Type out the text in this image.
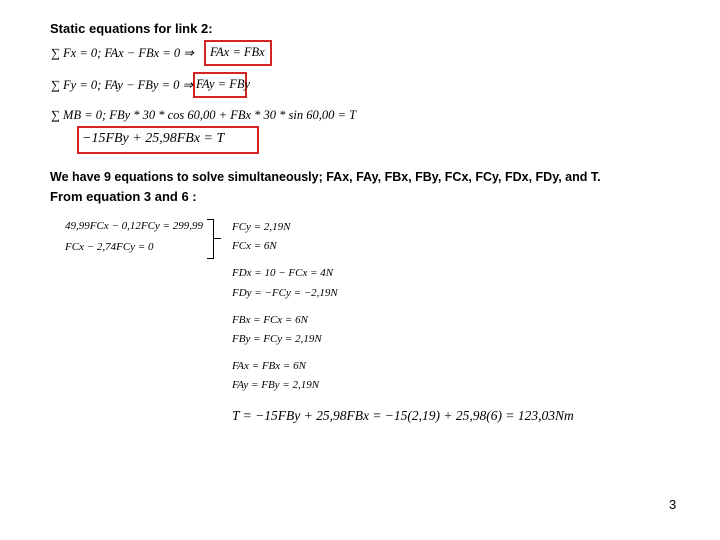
Static equations for link 2:
∑ Fx = 0; FAx − FBx = 0 ⇒ FAx = FBx
∑ Fy = 0; FAy − FBy = 0 ⇒ FAy = FBy
∑ MB = 0; FBy * 30 * cos 60,00 + FBx * 30 * sin 60,00 = T
−15FBy + 25,98FBx = T
We have 9 equations to solve simultaneously; FAx, FAy, FBx, FBy, FCx, FCy, FDx, FDy, and T.
From equation 3 and 6 :
49,99FCx − 0,12FCy = 299,99
FCx − 2,74FCy = 0
FCy = 2,19N
FCx = 6N
FDx = 10 − FCx = 4N
FDy = −FCy = −2,19N
FBx = FCx = 6N
FBy = FCy = 2,19N
FAx = FBx = 6N
FAy = FBy = 2,19N
T = −15FBy + 25,98FBx = −15(2,19) + 25,98(6) = 123,03Nm
3
